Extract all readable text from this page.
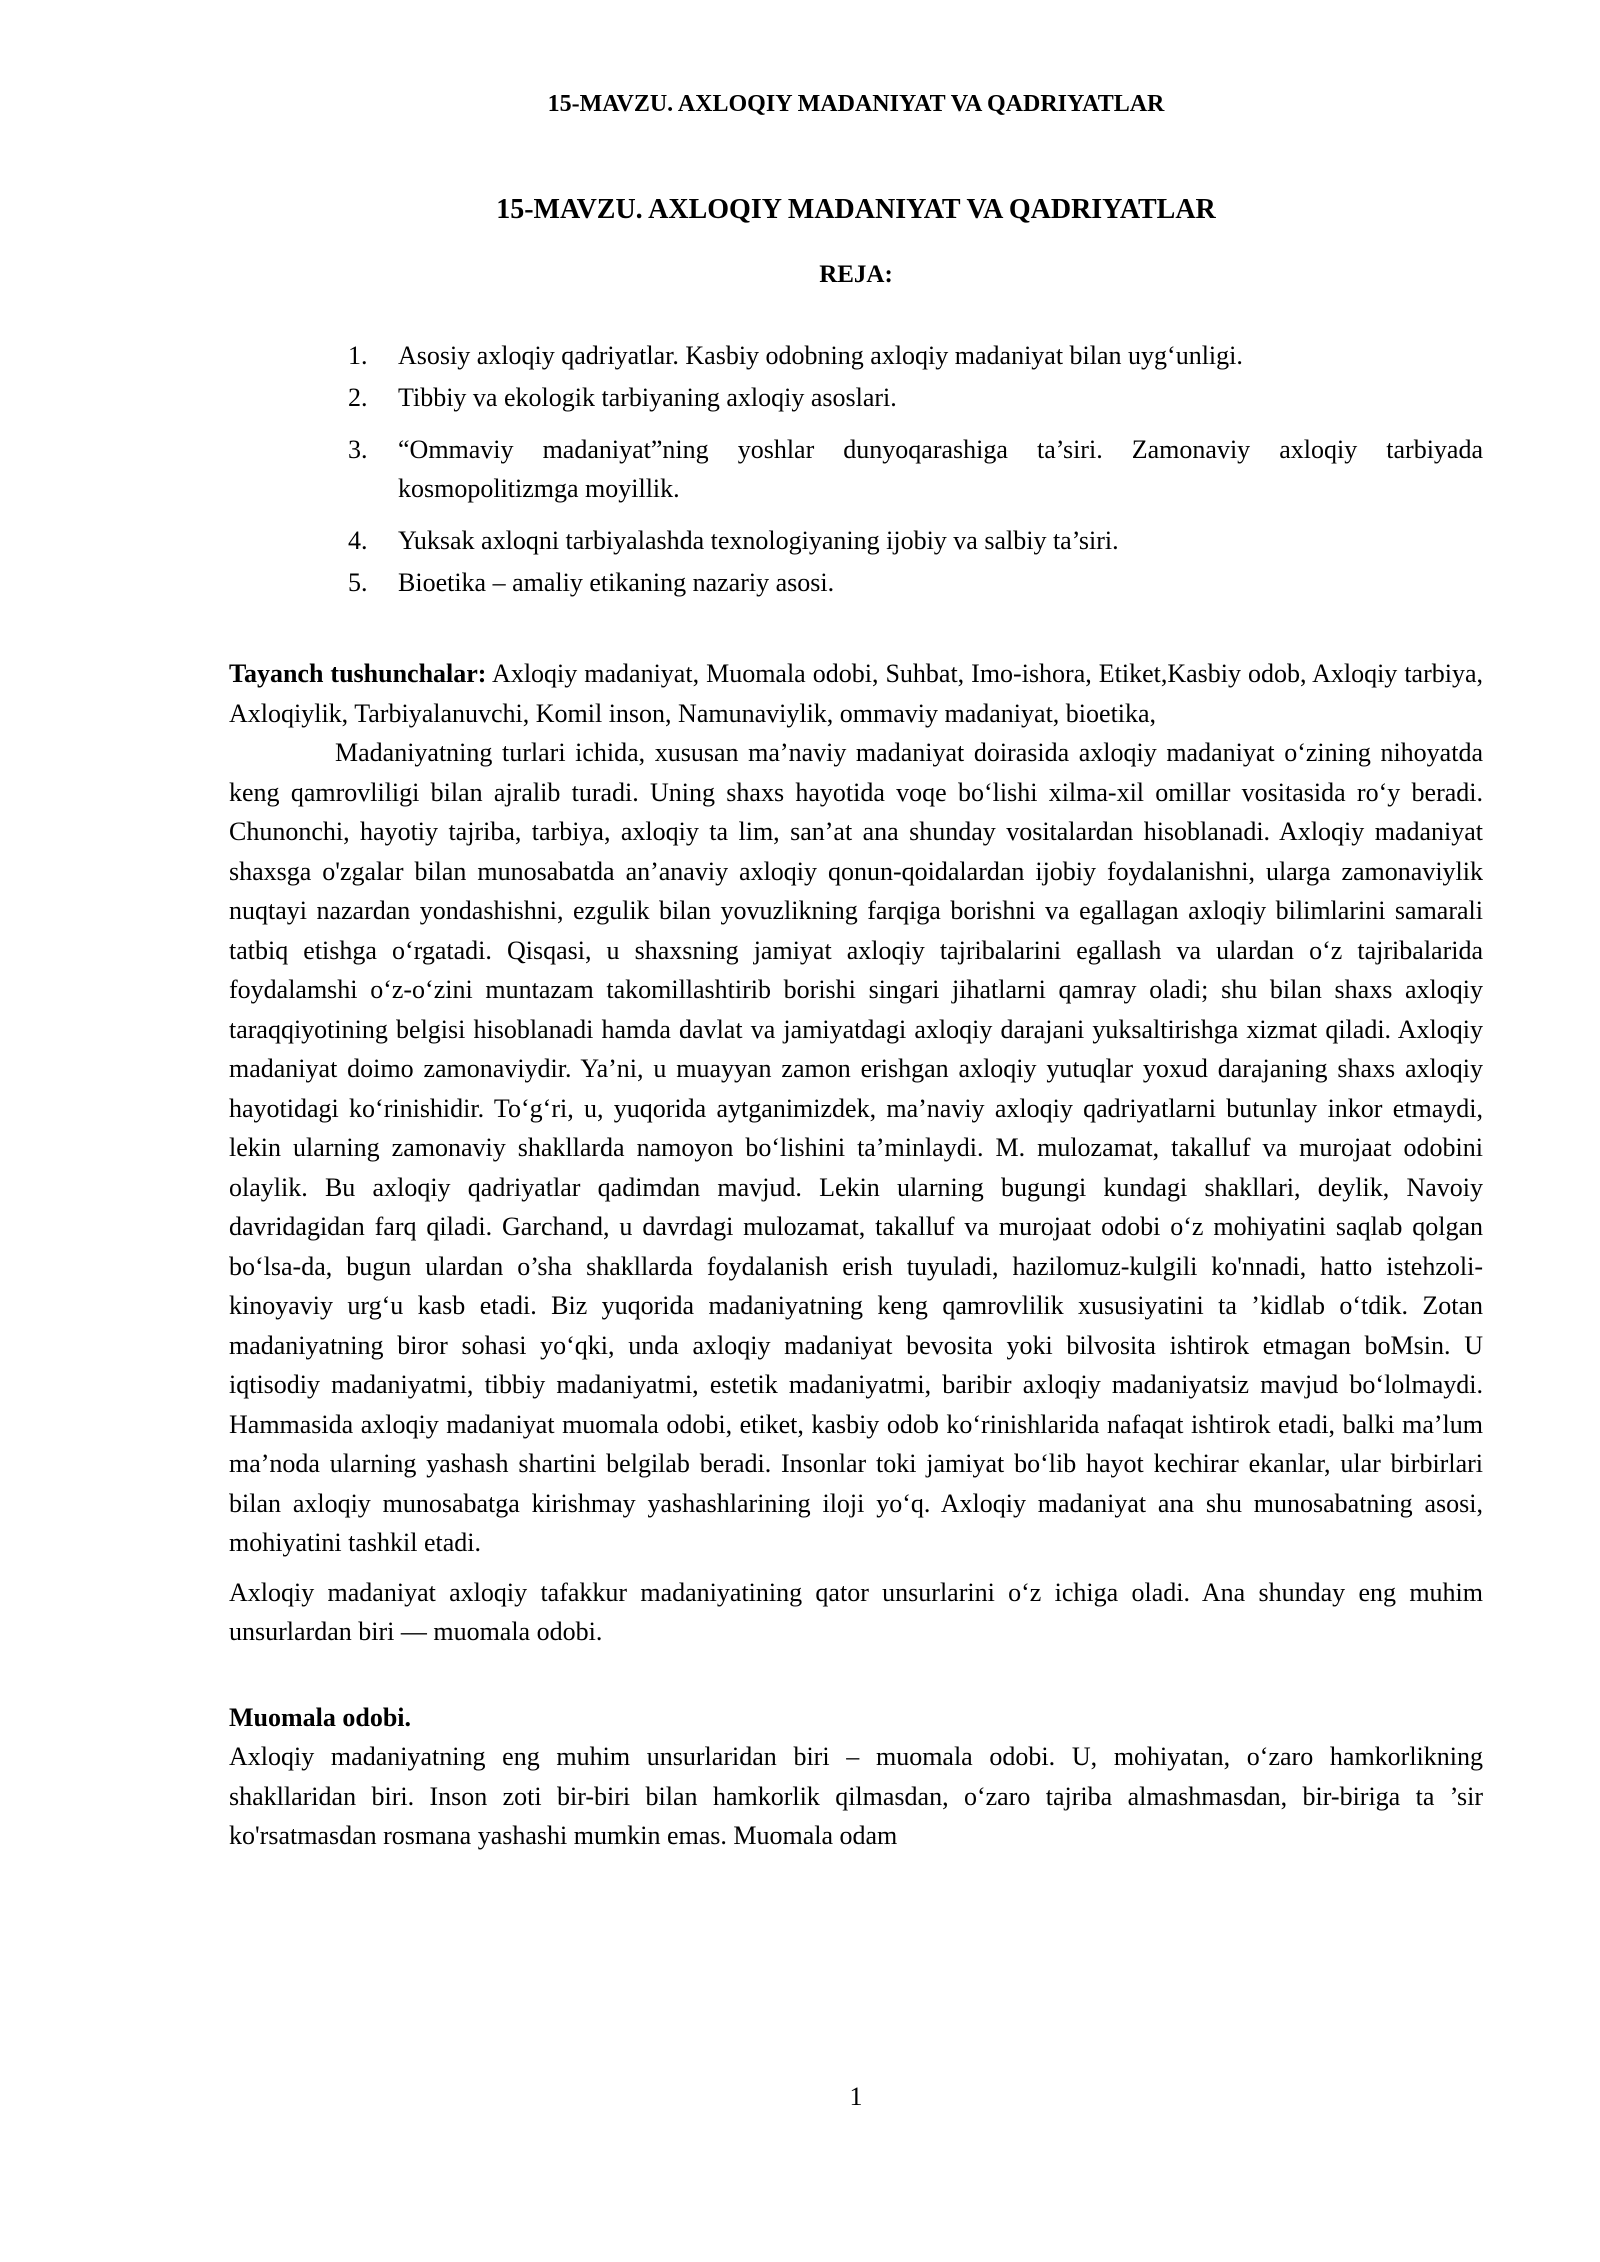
15-MAVZU. AXLOQIY MADANIYAT VA QADRIYATLAR
15-MAVZU. AXLOQIY MADANIYAT VA QADRIYATLAR
REJA:
1.	Asosiy axloqiy qadriyatlar. Kasbiy odobning axloqiy madaniyat bilan uyg‘unligi.
2.	Tibbiy va ekologik tarbiyaning axloqiy asoslari.
3.	“Ommaviy madaniyat”ning yoshlar dunyoqarashiga ta’siri. Zamonaviy axloqiy tarbiyada kosmopolitizmga moyillik.
4.	Yuksak axloqni tarbiyalashda texnologiyaning ijobiy va salbiy ta’siri.
5.	Bioetika – amaliy etikaning nazariy asosi.

Tayanch tushunchalar: Axloqiy madaniyat, Muomala odobi, Suhbat, Imo-ishora, Etiket,Kasbiy odob, Axloqiy tarbiya, Axloqiylik, Tarbiyalanuvchi, Komil inson, Namunaviylik, ommaviy madaniyat, bioetika,

Madaniyatning turlari ichida, xususan ma’naviy madaniyat doirasida axloqiy madaniyat o‘zining nihoyatda keng qamrovliligi bilan ajralib turadi. Uning shaxs hayotida voqe bo‘lishi xilma-xil omillar vositasida ro‘y beradi. Chunonchi, hayotiy tajriba, tarbiya, axloqiy ta lim, san’at ana shunday vositalardan hisoblanadi. Axloqiy madaniyat shaxsga o'zgalar bilan munosabatda an’anaviy axloqiy qonun-qoidalardan ijobiy foydalanishni, ularga zamonaviylik nuqtayi nazardan yondashishni, ezgulik bilan yovuzlikning farqiga borishni va egallagan axloqiy bilimlarini samarali tatbiq etishga o‘rgatadi. Qisqasi, u shaxsning jamiyat axloqiy tajribalarini egallash va ulardan o‘z tajribalarida foydalamshi o‘z-o‘zini muntazam takomillashtirib borishi singari jihatlarni qamray oladi; shu bilan shaxs axloqiy taraqqiyotining belgisi hisoblanadi hamda davlat va jamiyatdagi axloqiy darajani yuksaltirishga xizmat qiladi. Axloqiy madaniyat doimo zamonaviydir. Ya’ni, u muayyan zamon erishgan axloqiy yutuqlar yoxud darajaning shaxs axloqiy hayotidagi ko‘rinishidir. To‘g‘ri, u, yuqorida aytganimizdek, ma’naviy axloqiy qadriyatlarni butunlay inkor etmaydi, lekin ularning zamonaviy shakllarda namoyon bo‘lishini ta’minlaydi. M. mulozamat, takalluf va murojaat odobini olaylik. Bu axloqiy qadriyatlar qadimdan mavjud. Lekin ularning bugungi kundagi shakllari, deylik, Navoiy davridagidan farq qiladi. Garchand, u davrdagi mulozamat, takalluf va murojaat odobi o‘z mohiyatini saqlab qolgan bo‘lsa-da, bugun ulardan o’sha shakllarda foydalanish erish tuyuladi, hazilomuz-kulgili ko'nnadi, hatto istehzoli-kinoyaviy urg‘u kasb etadi. Biz yuqorida madaniyatning keng qamrovlilik xususiyatini ta ’kidlab o‘tdik. Zotan madaniyatning biror sohasi yo‘qki, unda axloqiy madaniyat bevosita yoki bilvosita ishtirok etmagan boMsin. U iqtisodiy madaniyatmi, tibbiy madaniyatmi, estetik madaniyatmi, baribir axloqiy madaniyatsiz mavjud bo‘lolmaydi. Hammasida axloqiy madaniyat muomala odobi, etiket, kasbiy odob ko‘rinishlarida nafaqat ishtirok etadi, balki ma’lum ma’noda ularning yashash shartini belgilab beradi. Insonlar toki jamiyat bo‘lib hayot kechirar ekanlar, ular birbirlari bilan axloqiy munosabatga kirishmay yashashlarining iloji yo‘q. Axloqiy madaniyat ana shu munosabatning asosi, mohiyatini tashkil etadi.

Axloqiy madaniyat axloqiy tafakkur madaniyatining qator unsurlarini o‘z ichiga oladi. Ana shunday eng muhim unsurlardan biri — muomala odobi.

Muomala odobi.

Axloqiy madaniyatning eng muhim unsurlaridan biri – muomala odobi. U, mohiyatan, o‘zaro hamkorlikning shakllaridan biri. Inson zoti bir-biri bilan hamkorlik qilmasdan, o‘zaro tajriba almashmasdan, bir-biriga ta ’sir ko'rsatmasdan rosmana yashashi mumkin emas. Muomala odam

1
